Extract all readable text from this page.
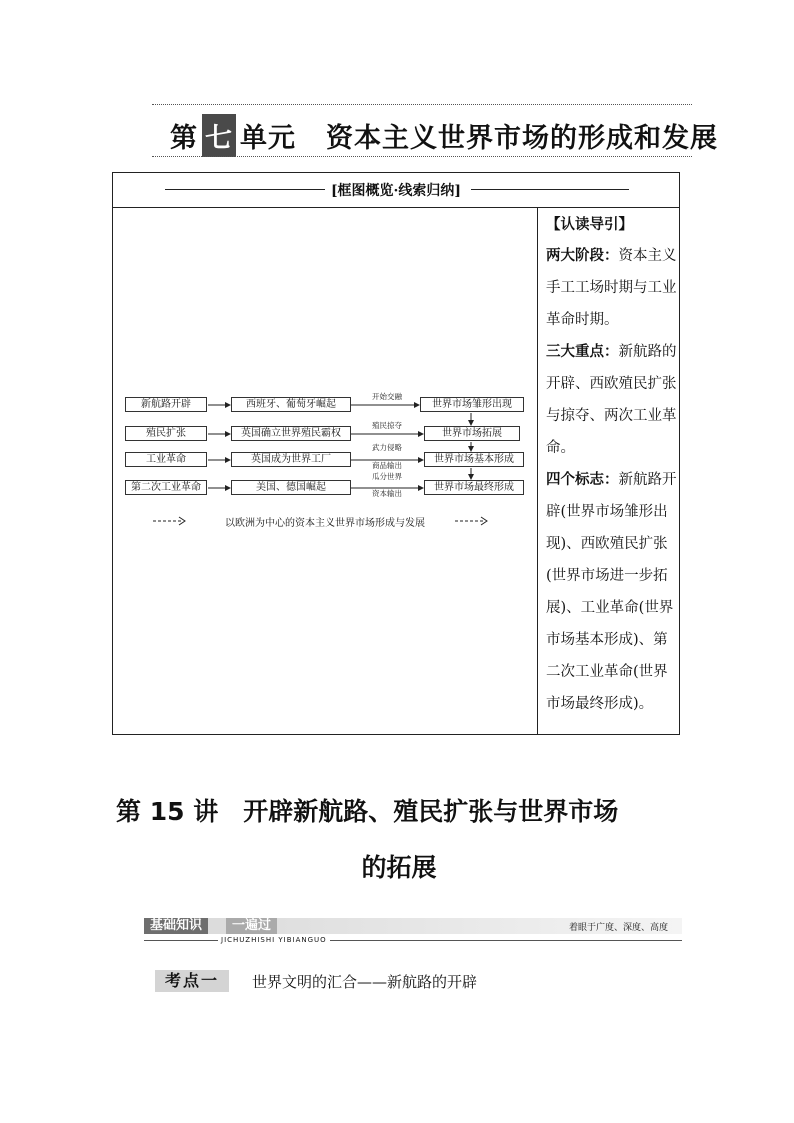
第 七 单元 资本主义世界市场的形成和发展
[框图概览·线索归纳]
新航路开辟
殖民扩张
工业革命
第二次工业革命
西班牙、葡萄牙崛起
英国确立世界殖民霸权
英国成为世界工厂
美国、德国崛起
开始交融
殖民掠夺
武力侵略
商品输出
瓜分世界
资本输出
世界市场雏形出现
世界市场拓展
世界市场基本形成
世界市场最终形成
以欧洲为中心的资本主义世界市场形成与发展
【认读导引】
两大阶段：资本主义手工工场时期与工业革命时期。
三大重点：新航路的开辟、西欧殖民扩张与掠夺、两次工业革命。
四个标志：新航路开辟(世界市场雏形出现)、西欧殖民扩张(世界市场进一步拓展)、工业革命(世界市场基本形成)、第二次工业革命(世界市场最终形成)。
第 15 讲　开辟新航路、殖民扩张与世界市场
的拓展
基础知识	一遍过	着眼于广度、深度、高度
JICHUZHISHI YIBIANGUO
考点一	世界文明的汇合——新航路的开辟
